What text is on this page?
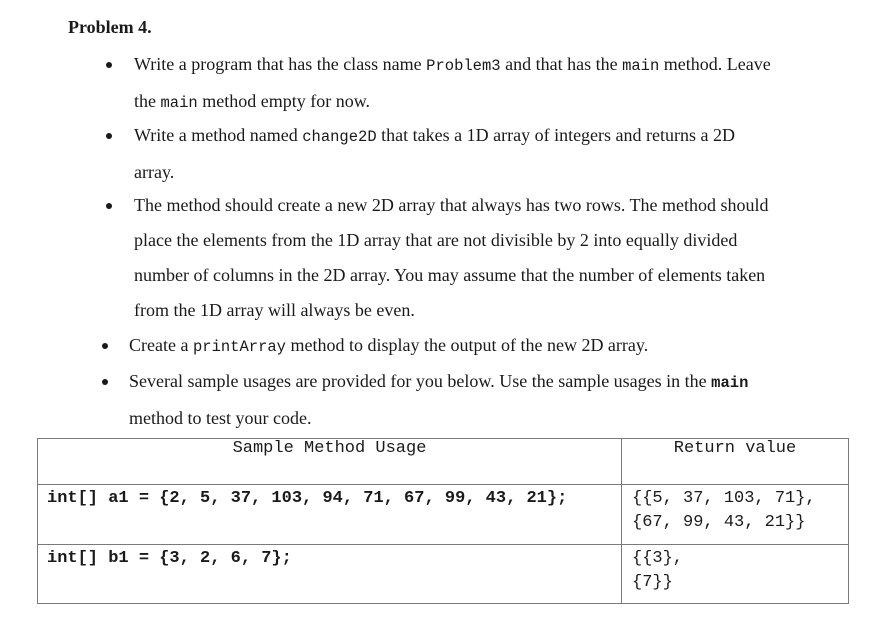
Problem 4.
Write a program that has the class name Problem3 and that has the main method. Leave
the main method empty for now.
Write a method named change2D that takes a 1D array of integers and returns a 2D
array.
The method should create a new 2D array that always has two rows. The method should
place the elements from the 1D array that are not divisible by 2 into equally divided
number of columns in the 2D array. You may assume that the number of elements taken
from the 1D array will always be even.
Create a printArray method to display the output of the new 2D array.
Several sample usages are provided for you below. Use the sample usages in the main
method to test your code.
Sample Method Usage	Return value

int[] a1 = {2, 5, 37, 103, 94, 71, 67, 99, 43, 21};	{{5, 37, 103, 71},
{67, 99, 43, 21}}

int[] b1 = {3, 2, 6, 7};	{{3},
{7}}
